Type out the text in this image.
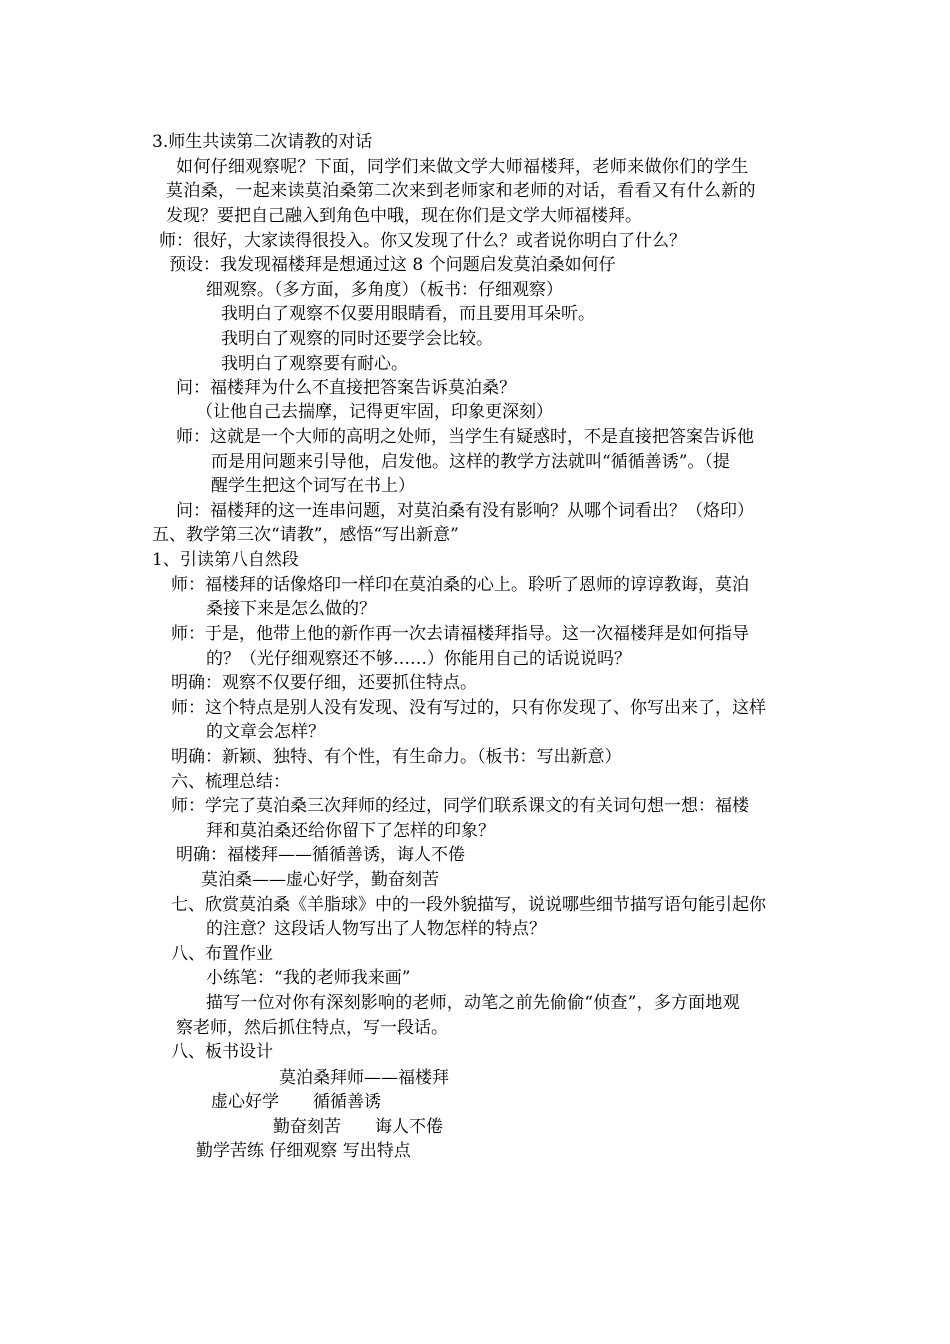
3.师生共读第二次请教的对话
如何仔细观察呢？下面，同学们来做文学大师福楼拜，老师来做你们的学生
莫泊桑，一起来读莫泊桑第二次来到老师家和老师的对话，看看又有什么新的
发现？要把自己融入到角色中哦，现在你们是文学大师福楼拜。
师：很好，大家读得很投入。你又发现了什么？或者说你明白了什么？
预设：我发现福楼拜是想通过这 8 个问题启发莫泊桑如何仔
细观察。（多方面，多角度）（板书：仔细观察）
我明白了观察不仅要用眼睛看，而且要用耳朵听。
我明白了观察的同时还要学会比较。
我明白了观察要有耐心。
问：福楼拜为什么不直接把答案告诉莫泊桑？
（让他自己去揣摩，记得更牢固，印象更深刻）
师：这就是一个大师的高明之处师，当学生有疑惑时，不是直接把答案告诉他
而是用问题来引导他，启发他。这样的教学方法就叫“循循善诱”。（提
醒学生把这个词写在书上）
问：福楼拜的这一连串问题，对莫泊桑有没有影响？从哪个词看出？（烙印）
五、教学第三次“请教”，感悟“写出新意”
1、引读第八自然段
师：福楼拜的话像烙印一样印在莫泊桑的心上。聆听了恩师的谆谆教诲，莫泊
桑接下来是怎么做的？
师：于是，他带上他的新作再一次去请福楼拜指导。这一次福楼拜是如何指导
的？（光仔细观察还不够……）你能用自己的话说说吗？
明确：观察不仅要仔细，还要抓住特点。
师：这个特点是别人没有发现、没有写过的，只有你发现了、你写出来了，这样
的文章会怎样？
明确：新颖、独特、有个性，有生命力。（板书：写出新意）
六、梳理总结：
师：学完了莫泊桑三次拜师的经过，同学们联系课文的有关词句想一想：福楼
拜和莫泊桑还给你留下了怎样的印象？
明确：福楼拜——循循善诱，诲人不倦
莫泊桑——虚心好学，勤奋刻苦
七、欣赏莫泊桑《羊脂球》中的一段外貌描写，说说哪些细节描写语句能引起你
的注意？这段话人物写出了人物怎样的特点？
八、布置作业
小练笔：“我的老师我来画”
描写一位对你有深刻影响的老师，动笔之前先偷偷“侦查”，多方面地观
察老师，然后抓住特点，写一段话。
八、板书设计
莫泊桑拜师——福楼拜
虚心好学　　循循善诱
勤奋刻苦　　诲人不倦
勤学苦练 仔细观察 写出特点
